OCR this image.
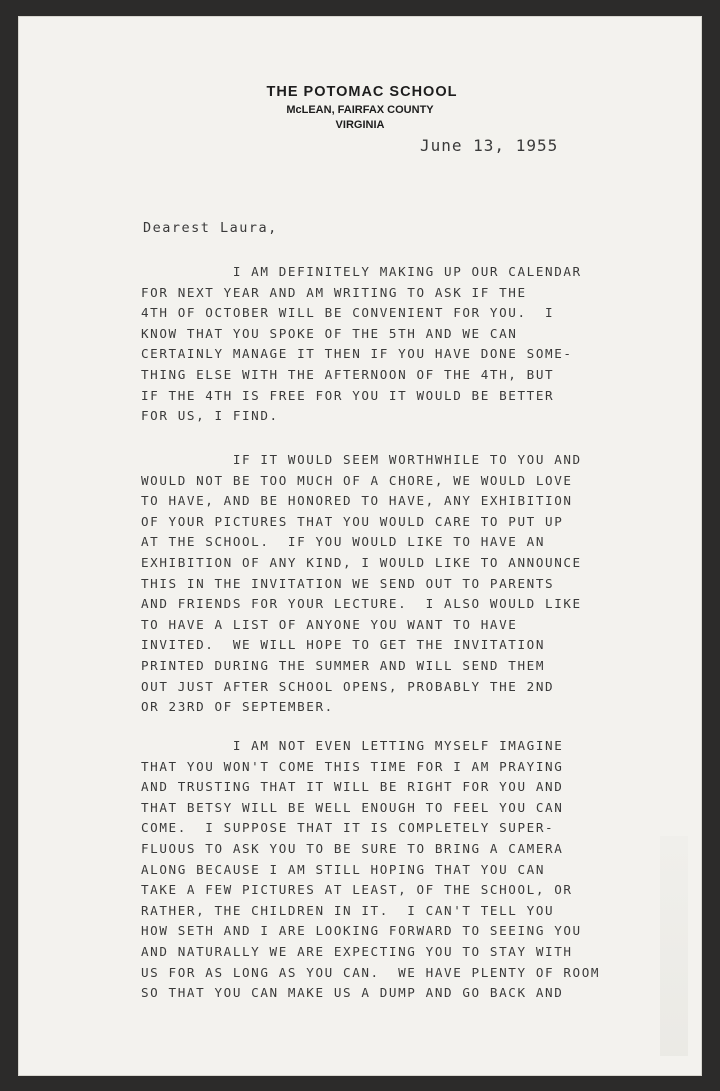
THE POTOMAC SCHOOL
McLEAN, FAIRFAX COUNTY
VIRGINIA
June 13, 1955
Dearest Laura,
I AM DEFINITELY MAKING UP OUR CALENDAR
FOR NEXT YEAR AND AM WRITING TO ASK IF THE
4TH OF OCTOBER WILL BE CONVENIENT FOR YOU.  I
KNOW THAT YOU SPOKE OF THE 5TH AND WE CAN
CERTAINLY MANAGE IT THEN IF YOU HAVE DONE SOME-
THING ELSE WITH THE AFTERNOON OF THE 4TH, BUT
IF THE 4TH IS FREE FOR YOU IT WOULD BE BETTER
FOR US, I FIND.
IF IT WOULD SEEM WORTHWHILE TO YOU AND
WOULD NOT BE TOO MUCH OF A CHORE, WE WOULD LOVE
TO HAVE, AND BE HONORED TO HAVE, ANY EXHIBITION
OF YOUR PICTURES THAT YOU WOULD CARE TO PUT UP
AT THE SCHOOL.  IF YOU WOULD LIKE TO HAVE AN
EXHIBITION OF ANY KIND, I WOULD LIKE TO ANNOUNCE
THIS IN THE INVITATION WE SEND OUT TO PARENTS
AND FRIENDS FOR YOUR LECTURE.  I ALSO WOULD LIKE
TO HAVE A LIST OF ANYONE YOU WANT TO HAVE
INVITED.  WE WILL HOPE TO GET THE INVITATION
PRINTED DURING THE SUMMER AND WILL SEND THEM
OUT JUST AFTER SCHOOL OPENS, PROBABLY THE 2ND
OR 23RD OF SEPTEMBER.
I AM NOT EVEN LETTING MYSELF IMAGINE
THAT YOU WON'T COME THIS TIME FOR I AM PRAYING
AND TRUSTING THAT IT WILL BE RIGHT FOR YOU AND
THAT BETSY WILL BE WELL ENOUGH TO FEEL YOU CAN
COME.  I SUPPOSE THAT IT IS COMPLETELY SUPER-
FLUOUS TO ASK YOU TO BE SURE TO BRING A CAMERA
ALONG BECAUSE I AM STILL HOPING THAT YOU CAN
TAKE A FEW PICTURES AT LEAST, OF THE SCHOOL, OR
RATHER, THE CHILDREN IN IT.  I CAN'T TELL YOU
HOW SETH AND I ARE LOOKING FORWARD TO SEEING YOU
AND NATURALLY WE ARE EXPECTING YOU TO STAY WITH
US FOR AS LONG AS YOU CAN.  WE HAVE PLENTY OF ROOM
SO THAT YOU CAN MAKE US A DUMP AND GO BACK AND
